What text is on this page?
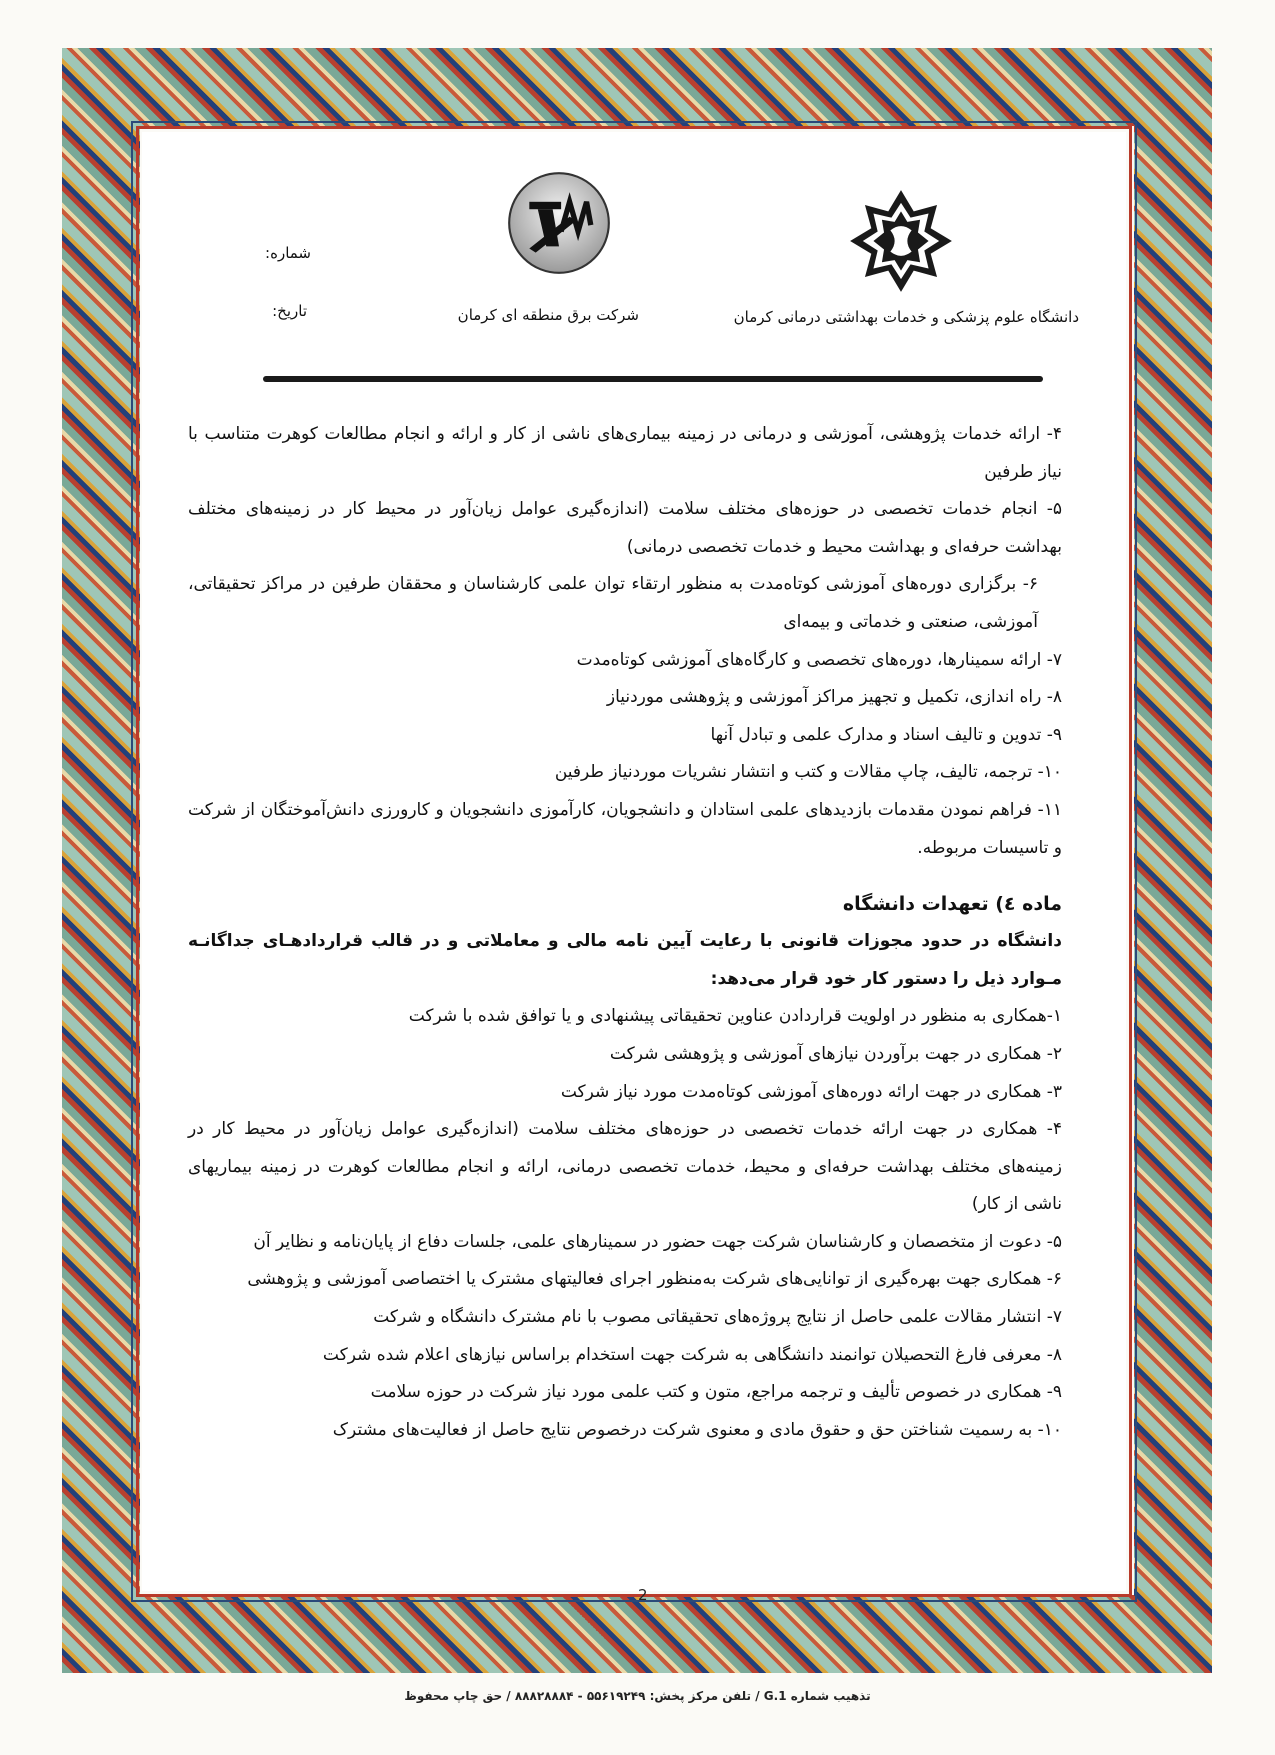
شماره:
تاریخ:	دانشگاه علوم پزشکی و خدمات بهداشتی درمانی کرمان
شرکت برق منطقه ای کرمان

۴- ارائه خدمات پژوهشی، آموزشی و درمانی در زمینه بیماری‌های ناشی از کار و ارائه و انجام مطالعات کوهرت متناسب با نیاز طرفین

۵- انجام خدمات تخصصی در حوزه‌های مختلف سلامت (اندازه‌گیری عوامل زیان‌آور در محیط کار در زمینه‌های مختلف بهداشت حرفه‌ای و بهداشت محیط و خدمات تخصصی درمانی)

۶- برگزاری دوره‌های آموزشی کوتاه‌مدت به منظور ارتقاء توان علمی کارشناسان و محققان طرفین در مراکز تحقیقاتی، آموزشی، صنعتی و خدماتی و بیمه‌ای

۷- ارائه سمینارها، دوره‌های تخصصی و کارگاه‌های آموزشی کوتاه‌مدت

۸- راه اندازی، تکمیل و تجهیز مراکز آموزشی و پژوهشی موردنیاز

۹- تدوین و تالیف اسناد و مدارک علمی و تبادل آنها

۱۰- ترجمه، تالیف، چاپ مقالات و کتب و انتشار نشریات موردنیاز طرفین

۱۱- فراهم نمودن مقدمات بازدیدهای علمی استادان و دانشجویان، کارآموزی دانشجویان و کارورزی دانش‌آموختگان از شرکت و تاسیسات مربوطه.

ماده ٤) تعهدات دانشگاه

دانشگاه در حدود مجوزات قانونی با رعایت آیین نامه مالی و معاملاتی و در قالب قراردادهـای جداگانـه مـوارد ذیل را دستور کار خود قرار می‌دهد:

۱-همکاری به منظور در اولویت قراردادن عناوین تحقیقاتی پیشنهادی و یا توافق شده با شرکت

۲- همکاری در جهت برآوردن نیازهای آموزشی و پژوهشی شرکت

۳- همکاری در جهت ارائه دوره‌های آموزشی کوتاه‌مدت مورد نیاز شرکت

۴- همکاری در جهت ارائه خدمات تخصصی در حوزه‌های مختلف سلامت (اندازه‌گیری عوامل زیان‌آور در محیط کار در زمینه‌های مختلف بهداشت حرفه‌ای و محیط، خدمات تخصصی درمانی، ارائه و انجام مطالعات کوهرت در زمینه بیماریهای ناشی از کار)

۵- دعوت از متخصصان و کارشناسان شرکت جهت حضور در سمینارهای علمی، جلسات دفاع از پایان‌نامه و نظایر آن

۶- همکاری جهت بهره‌گیری از توانایی‌های شرکت به‌منظور اجرای فعالیتهای مشترک یا اختصاصی آموزشی و پژوهشی

۷- انتشار مقالات علمی حاصل از نتایج پروژه‌های تحقیقاتی مصوب با نام مشترک دانشگاه و شرکت

۸- معرفی فارغ التحصیلان توانمند دانشگاهی به شرکت جهت استخدام براساس نیازهای اعلام شده شرکت

۹- همکاری در خصوص تألیف و ترجمه مراجع، متون و کتب علمی مورد نیاز شرکت در حوزه سلامت

۱۰- به رسمیت شناختن حق و حقوق مادی و معنوی شرکت درخصوص نتایج حاصل از فعالیت‌های مشترک

2
تذهیب شماره G.1 / تلفن مرکز پخش: ۵۵۶۱۹۲۴۹ - ۸۸۸۲۸۸۸۴ / حق چاپ محفوظ
